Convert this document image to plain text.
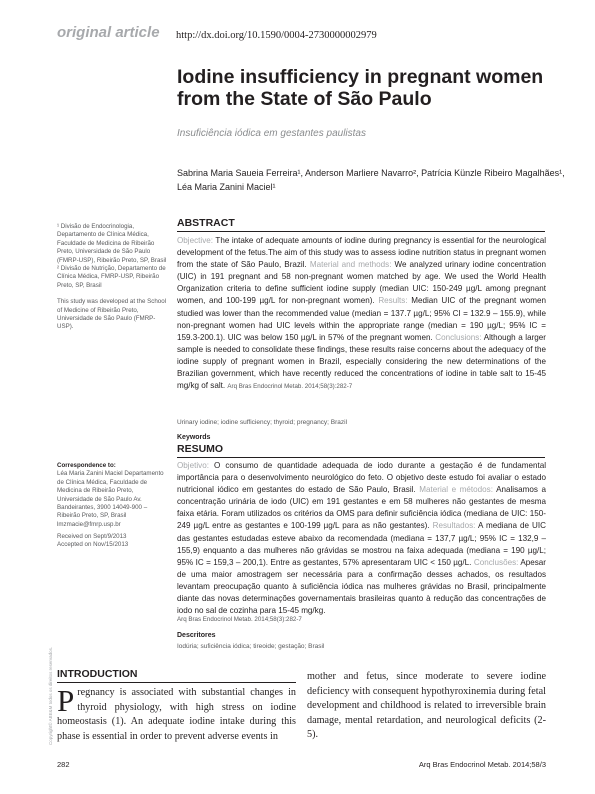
original article http://dx.doi.org/10.1590/0004-2730000002979
Iodine insufficiency in pregnant women from the State of São Paulo
Insuficiência iódica em gestantes paulistas
Sabrina Maria Saueia Ferreira¹, Anderson Marliere Navarro², Patrícia Künzle Ribeiro Magalhães¹, Léa Maria Zanini Maciel¹
ABSTRACT
Objective: The intake of adequate amounts of iodine during pregnancy is essential for the neurological development of the fetus.The aim of this study was to assess iodine nutrition status in pregnant women from the state of São Paulo, Brazil. Material and methods: We analyzed urinary iodine concentration (UIC) in 191 pregnant and 58 non-pregnant women matched by age. We used the World Health Organization criteria to define sufficient iodine supply (median UIC: 150-249 µg/L among pregnant women, and 100-199 µg/L for non-pregnant women). Results: Median UIC of the pregnant women studied was lower than the recommended value (median = 137.7 µg/L; 95% CI = 132.9 – 155.9), while non-pregnant women had UIC levels within the appropriate range (median = 190 µg/L; 95% IC = 159.3-200.1). UIC was below 150 µg/L in 57% of the pregnant women. Conclusions: Although a larger sample is needed to consolidate these findings, these results raise concerns about the adequacy of the iodine supply of pregnant women in Brazil, especially considering the new determinations of the Brazilian government, which have recently reduced the concentrations of iodine in table salt to 15-45 mg/kg of salt. Arq Bras Endocrinol Metab. 2014;58(3):282-7
Keywords
Urinary iodine; iodine sufficiency; thyroid; pregnancy; Brazil
RESUMO
Objetivo: O consumo de quantidade adequada de iodo durante a gestação é de fundamental importância para o desenvolvimento neurológico do feto. O objetivo deste estudo foi avaliar o estado nutricional iódico em gestantes do estado de São Paulo, Brasil. Material e métodos: Analisamos a concentração urinária de iodo (UIC) em 191 gestantes e em 58 mulheres não gestantes de mesma faixa etária. Foram utilizados os critérios da OMS para definir suficiência iódica (mediana de UIC: 150-249 µg/L entre as gestantes e 100-199 µg/L para as não gestantes). Resultados: A mediana de UIC das gestantes estudadas esteve abaixo da recomendada (mediana = 137,7 µg/L; 95% IC = 132,9 – 155,9) enquanto a das mulheres não grávidas se mostrou na faixa adequada (mediana = 190 µg/L; 95% IC = 159,3 – 200,1). Entre as gestantes, 57% apresentaram UIC < 150 µg/L. Conclusões: Apesar de uma maior amostragem ser necessária para a confirmação desses achados, os resultados levantam preocupação quanto à suficiência iódica nas mulheres grávidas no Brasil, principalmente diante das novas determinações governamentais brasileiras quanto à redução das concentrações de iodo no sal de cozinha para 15-45 mg/kg.
Arq Bras Endocrinol Metab. 2014;58(3):282-7
Descritores
Iodúria; suficiência iódica; tireoide; gestação; Brasil

¹ Divisão de Endocrinologia, Departamento de Clínica Médica, Faculdade de Medicina de Ribeirão Preto, Universidade de São Paulo (FMRP-USP), Ribeirão Preto, SP, Brasil

² Divisão de Nutrição, Departamento de Clínica Médica, FMRP-USP, Ribeirão Preto, SP, Brasil

This study was developed at the School of Medicine of Ribeirão Preto, Universidade de São Paulo (FMRP-USP).

Correspondence to:

Léa Maria Zanini Maciel Departamento de Clínica Médica, Faculdade de Medicina de Ribeirão Preto, Universidade de São Paulo Av. Bandeirantes, 3900 14049-900 – Ribeirão Preto, SP, Brasil lmzmacie@fmrp.usp.br

Received on Sept/9/2013

Accepted on Nov/15/2013

Copyright© ABE&M todos os direitos reservados. INTRODUCTION
Pregnancy is associated with substantial changes in thyroid physiology, with high stress on iodine homeostasis (1). An adequate iodine intake during this phase is essential in order to prevent adverse events in
mother and fetus, since moderate to severe iodine deficiency with consequent hypothyroxinemia during fetal development and childhood is related to irreversible brain damage, mental retardation, and neurological deficits (2-5).
282	Arq Bras Endocrinol Metab. 2014;58/3
